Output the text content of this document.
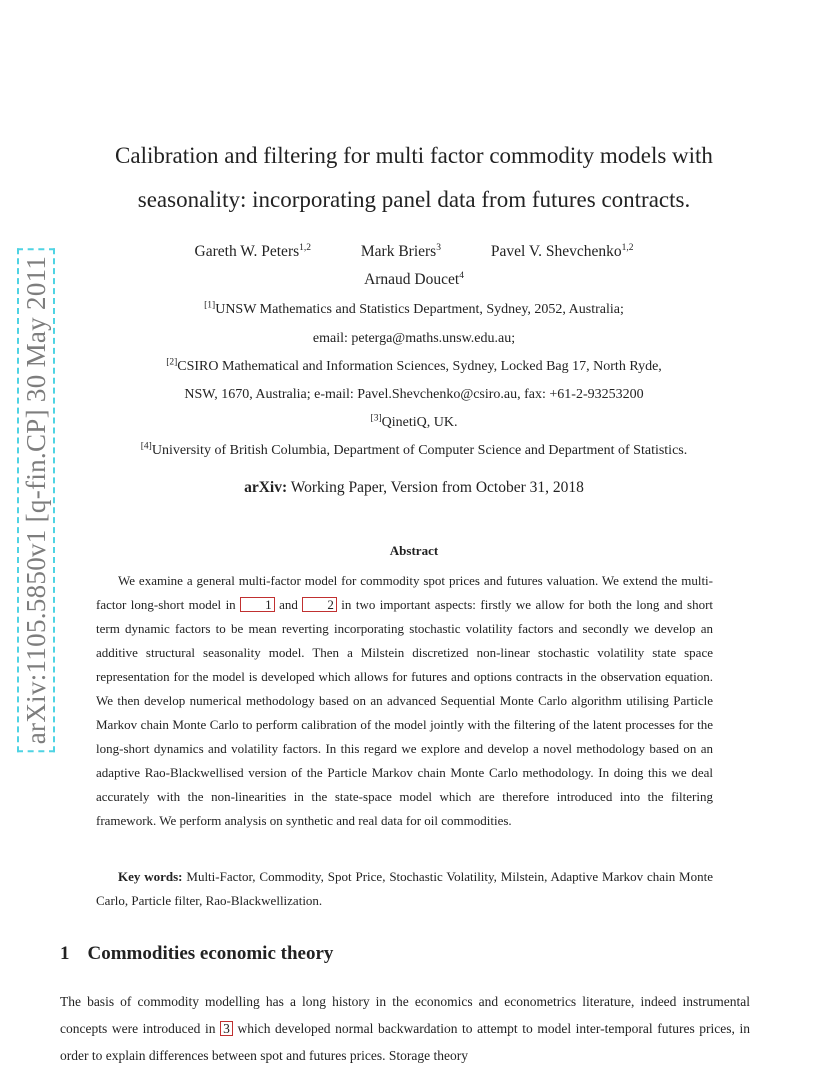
arXiv:1105.5850v1 [q-fin.CP] 30 May 2011
Calibration and filtering for multi factor commodity models with
seasonality: incorporating panel data from futures contracts.
Gareth W. Peters$^{1,2}$	Mark Briers$^3$	Pavel V. Shevchenko$^{1,2}$
Arnaud Doucet$^4$
[1]UNSW Mathematics and Statistics Department, Sydney, 2052, Australia;
email: peterga@maths.unsw.edu.au;
[2]CSIRO Mathematical and Information Sciences, Sydney, Locked Bag 17, North Ryde,
NSW, 1670, Australia; e-mail: Pavel.Shevchenko@csiro.au, fax: +61-2-93253200
[3]QinetiQ, UK.
[4]University of British Columbia, Department of Computer Science and Department of Statistics.
arXiv: Working Paper, Version from October 31, 2018
Abstract

We examine a general multi-factor model for commodity spot prices and futures valuation. We extend the multi-factor long-short model in 1 and 2 in two important aspects: firstly we allow for both the long and short term dynamic factors to be mean reverting incorporating stochastic volatility factors and secondly we develop an additive structural seasonality model. Then a Milstein discretized non-linear stochastic volatility state space representation for the model is developed which allows for futures and options contracts in the observation equation. We then develop numerical methodology based on an advanced Sequential Monte Carlo algorithm utilising Particle Markov chain Monte Carlo to perform calibration of the model jointly with the filtering of the latent processes for the long-short dynamics and volatility factors. In this regard we explore and develop a novel methodology based on an adaptive Rao-Blackwellised version of the Particle Markov chain Monte Carlo methodology. In doing this we deal accurately with the non-linearities in the state-space model which are therefore introduced into the filtering framework. We perform analysis on synthetic and real data for oil commodities.

Key words: Multi-Factor, Commodity, Spot Price, Stochastic Volatility, Milstein, Adaptive Markov chain Monte Carlo, Particle filter, Rao-Blackwellization.

1 Commodities economic theory

The basis of commodity modelling has a long history in the economics and econometrics literature, indeed instrumental concepts were introduced in 3 which developed normal backwardation to attempt to model inter-temporal futures prices, in order to explain differences between spot and futures prices. Storage theory
